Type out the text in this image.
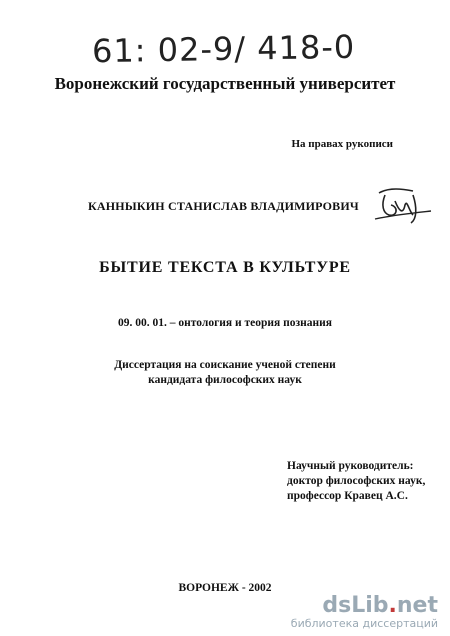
61: 02-9/ 418-0
Воронежский государственный университет
На правах рукописи
КАННЫКИН СТАНИСЛАВ ВЛАДИМИРОВИЧ
БЫТИЕ ТЕКСТА В КУЛЬТУРЕ
09. 00. 01. – онтология и теория познания
Диссертация на соискание ученой степени
кандидата философских наук
Научный руководитель:
доктор философских наук,
профессор Кравец А.С.
ВОРОНЕЖ - 2002
dsLib.net
библиотека диссертаций
